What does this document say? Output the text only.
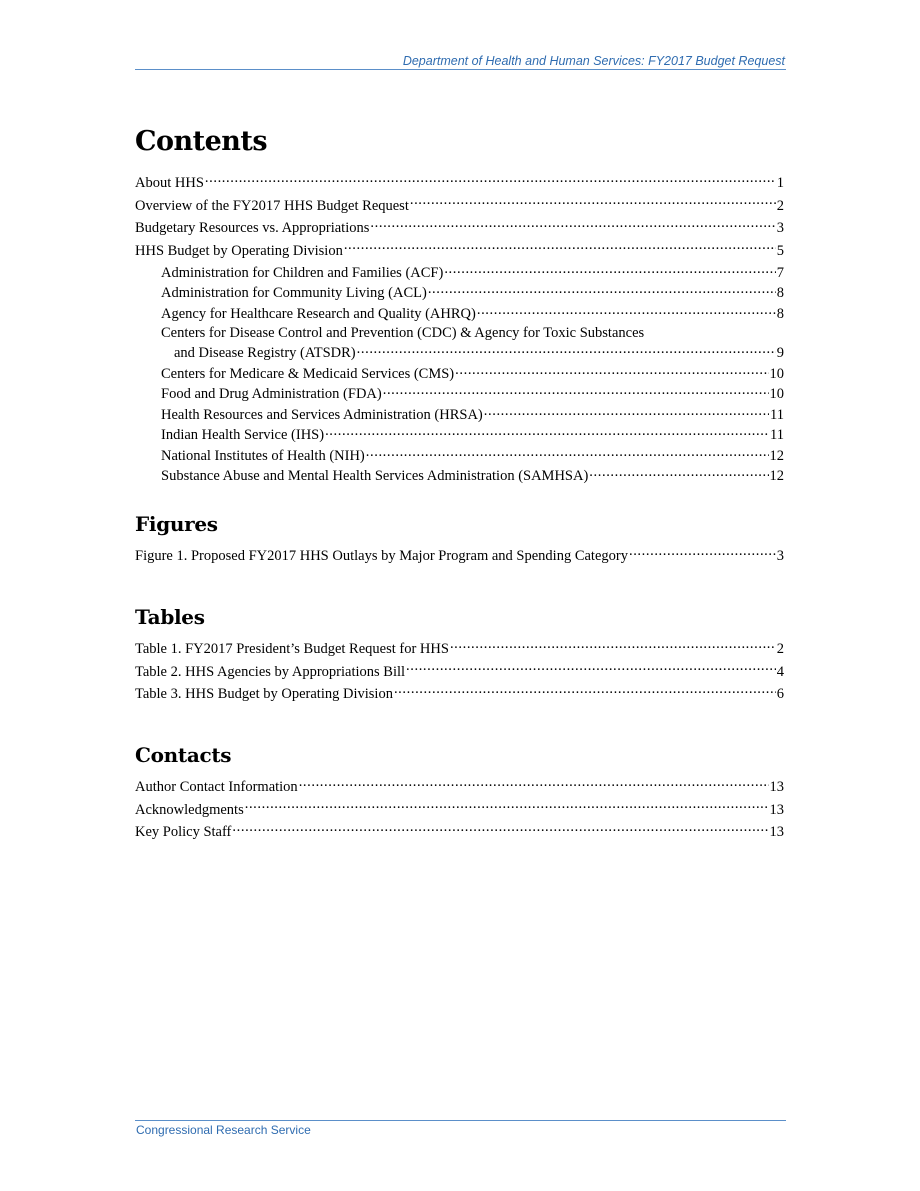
Department of Health and Human Services: FY2017 Budget Request
Contents
About HHS .....	1
Overview of the FY2017 HHS Budget Request .....	2
Budgetary Resources vs. Appropriations .....	3
HHS Budget by Operating Division .....	5
Administration for Children and Families (ACF) .....	7
Administration for Community Living (ACL) .....	8
Agency for Healthcare Research and Quality (AHRQ) .....	8
Centers for Disease Control and Prevention (CDC) & Agency for Toxic Substances
and Disease Registry (ATSDR) .....	9
Centers for Medicare & Medicaid Services (CMS) .....	10
Food and Drug Administration (FDA) .....	10
Health Resources and Services Administration (HRSA) .....	11
Indian Health Service (IHS) .....	11
National Institutes of Health (NIH) .....	12
Substance Abuse and Mental Health Services Administration (SAMHSA) .....	12
Figures
Figure 1. Proposed FY2017 HHS Outlays by Major Program and Spending Category .....	3
Tables
Table 1. FY2017 President’s Budget Request for HHS .....	2
Table 2. HHS Agencies by Appropriations Bill .....	4
Table 3. HHS Budget by Operating Division .....	6
Contacts
Author Contact Information .....	13
Acknowledgments .....	13
Key Policy Staff .....	13
Congressional Research Service
